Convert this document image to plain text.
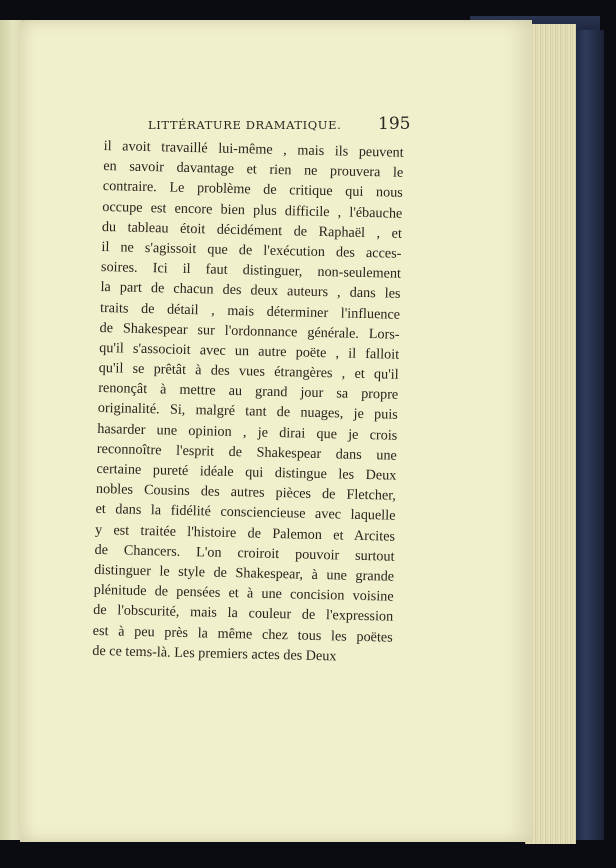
LITTÉRATURE DRAMATIQUE.	195
il avoit travaillé lui-même , mais ils peuvent
en savoir davantage et rien ne prouvera le
contraire. Le problème de critique qui nous
occupe est encore bien plus difficile , l'ébauche
du tableau étoit décidément de Raphaël , et
il ne s'agissoit que de l'exécution des acces-
soires. Ici il faut distinguer, non-seulement
la part de chacun des deux auteurs , dans les
traits de détail , mais déterminer l'influence
de Shakespear sur l'ordonnance générale. Lors-
qu'il s'associoit avec un autre poëte , il falloit
qu'il se prêtât à des vues étrangères , et qu'il
renonçât à mettre au grand jour sa propre
originalité. Si, malgré tant de nuages, je puis
hasarder une opinion , je dirai que je crois
reconnoître l'esprit de Shakespear dans une
certaine pureté idéale qui distingue les Deux
nobles Cousins des autres pièces de Fletcher,
et dans la fidélité consciencieuse avec laquelle
y est traitée l'histoire de Palemon et Arcites
de Chancers. L'on croiroit pouvoir surtout
distinguer le style de Shakespear, à une grande
plénitude de pensées et à une concision voisine
de l'obscurité, mais la couleur de l'expression
est à peu près la même chez tous les poëtes
de ce tems-là. Les premiers actes des Deux
